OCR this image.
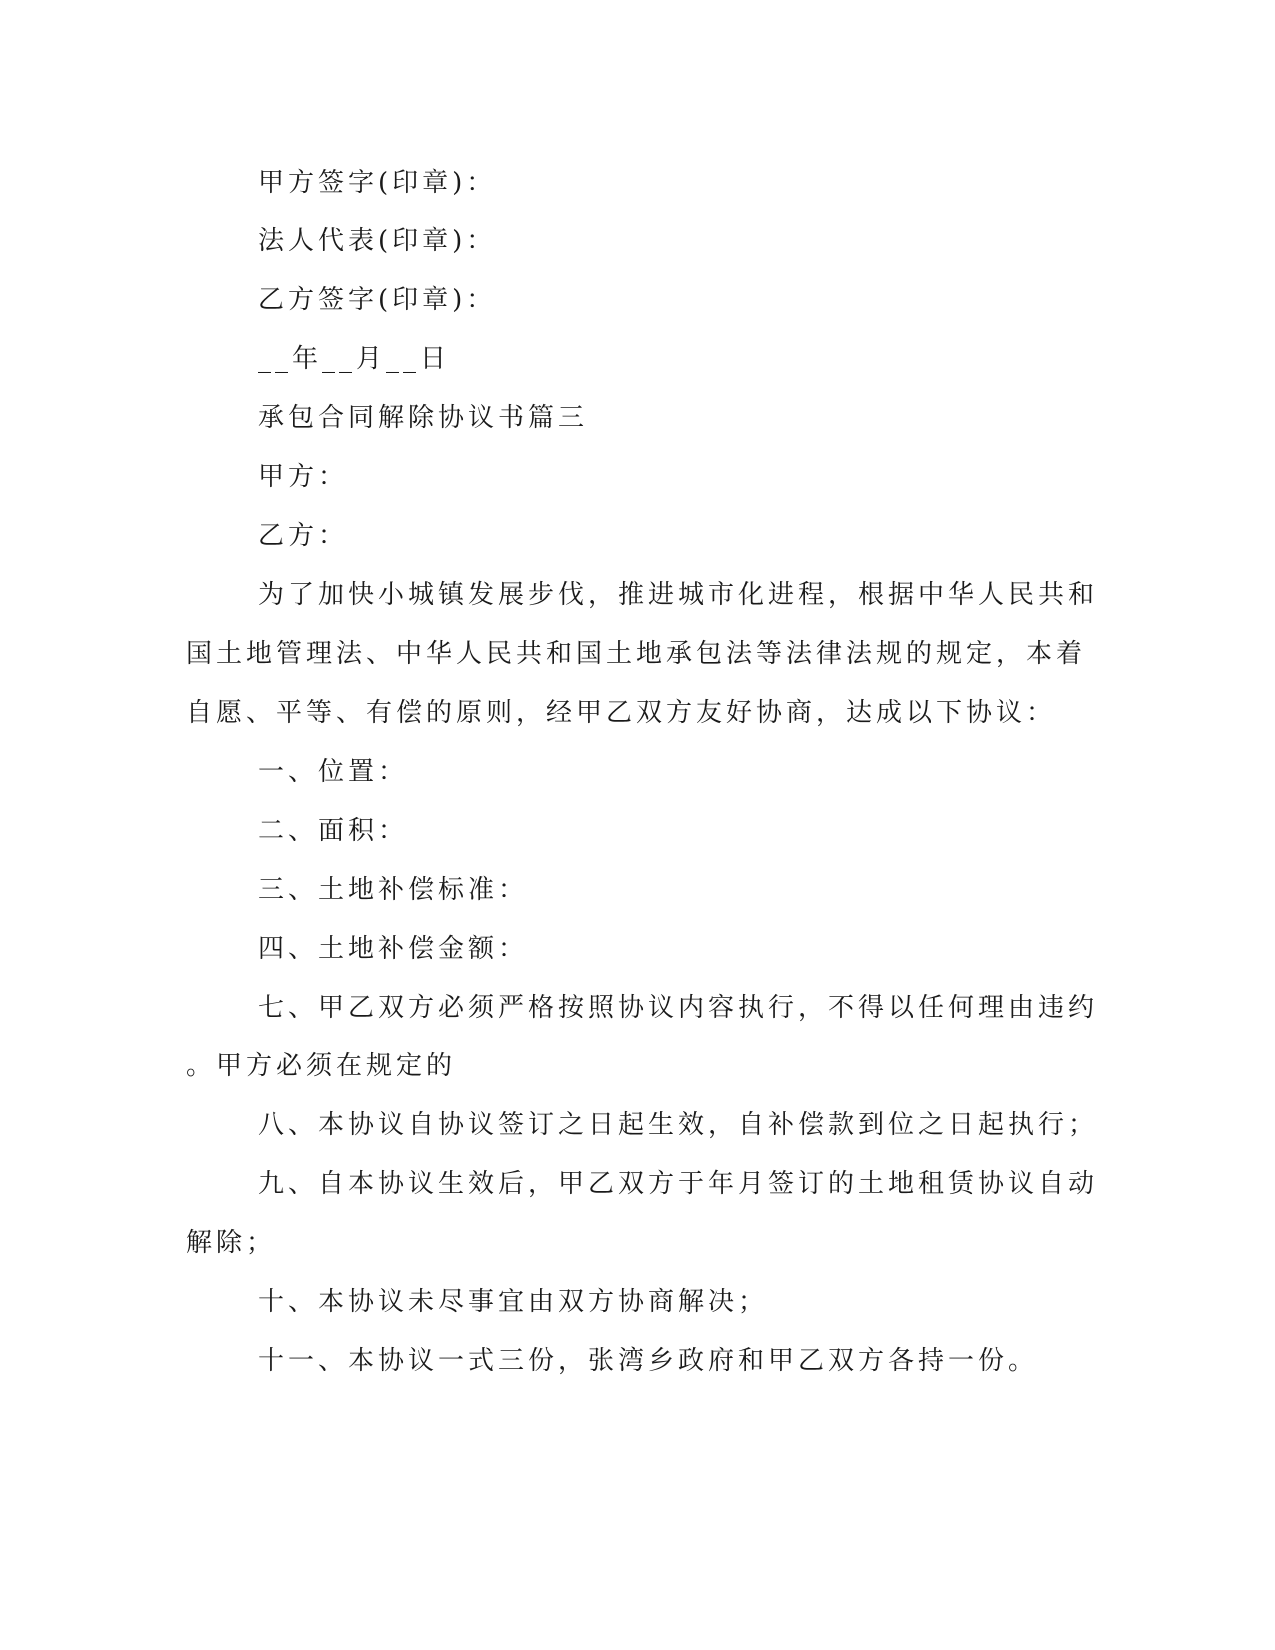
甲方签字(印章)：
法人代表(印章)：
乙方签字(印章)：
__年__月__日
承包合同解除协议书篇三
甲方：
乙方：
为了加快小城镇发展步伐，推进城市化进程，根据中华人民共和
国土地管理法、中华人民共和国土地承包法等法律法规的规定，本着
自愿、平等、有偿的原则，经甲乙双方友好协商，达成以下协议：
一、位置：
二、面积：
三、土地补偿标准：
四、土地补偿金额：
七、甲乙双方必须严格按照协议内容执行，不得以任何理由违约
。甲方必须在规定的
八、本协议自协议签订之日起生效，自补偿款到位之日起执行；
九、自本协议生效后，甲乙双方于年月签订的土地租赁协议自动
解除；
十、本协议未尽事宜由双方协商解决；
十一、本协议一式三份，张湾乡政府和甲乙双方各持一份。
